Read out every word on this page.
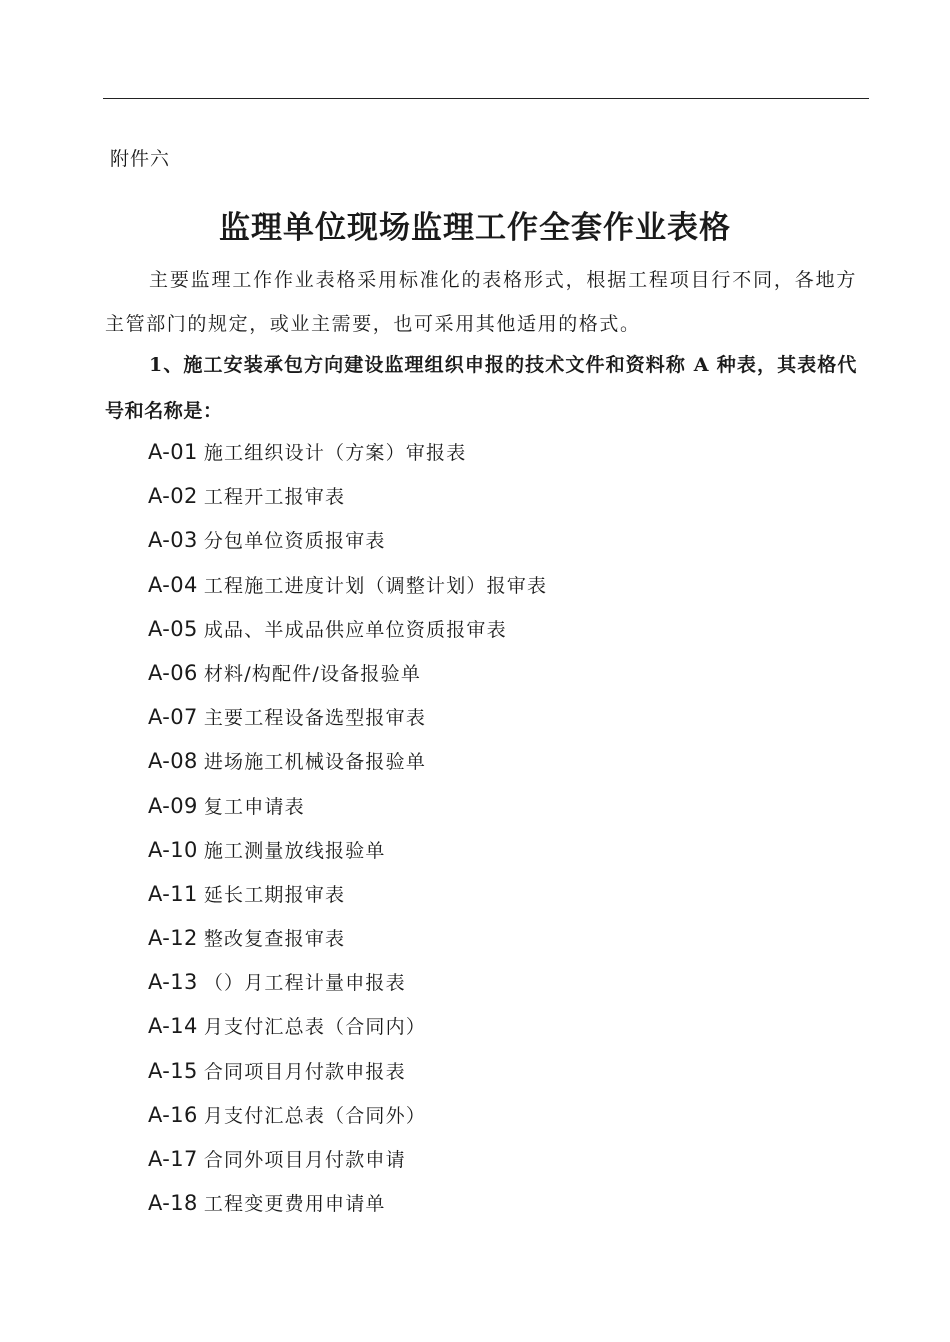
附件六
监理单位现场监理工作全套作业表格

主要监理工作作业表格采用标准化的表格形式，根据工程项目行不同，各地方主管部门的规定，或业主需要，也可采用其他适用的格式。

1、施工安装承包方向建设监理组织申报的技术文件和资料称 A 种表，其表格代号和名称是：

A-01 施工组织设计（方案）审报表
A-02 工程开工报审表
A-03 分包单位资质报审表
A-04 工程施工进度计划（调整计划）报审表
A-05 成品、半成品供应单位资质报审表
A-06 材料/构配件/设备报验单
A-07 主要工程设备选型报审表
A-08 进场施工机械设备报验单
A-09 复工申请表
A-10 施工测量放线报验单
A-11 延长工期报审表
A-12 整改复查报审表
A-13 （）月工程计量申报表
A-14 月支付汇总表（合同内）
A-15 合同项目月付款申报表
A-16 月支付汇总表（合同外）
A-17 合同外项目月付款申请
A-18 工程变更费用申请单
